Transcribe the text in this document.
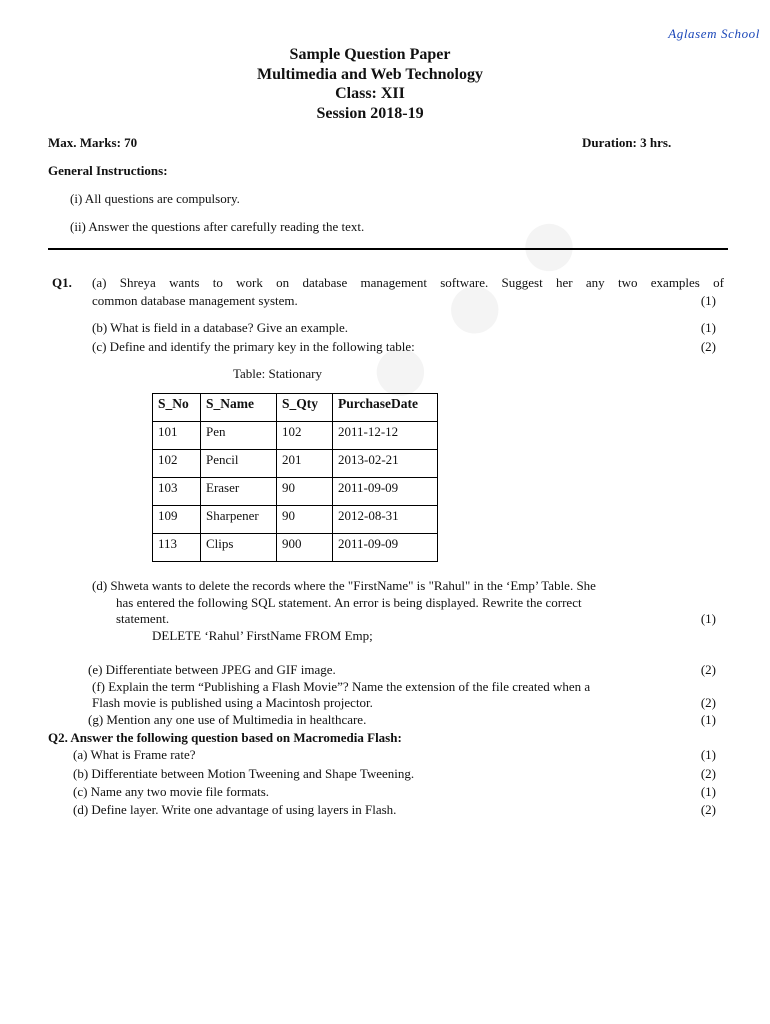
Aglasem School
Sample Question Paper
Multimedia and Web Technology
Class: XII
Session 2018-19
Max. Marks: 70	Duration: 3 hrs.
General Instructions:
(i) All questions are compulsory.
(ii) Answer the questions after carefully reading the text.
Q1. (a) Shreya wants to work on database management software. Suggest her any two examples of
common database management system.	(1)
(b) What is field in a database? Give an example.	(1)
(c) Define and identify the primary key in the following table:	(2)
Table: Stationary
S_No	S_Name	S_Qty	PurchaseDate
101	Pen	102	2011-12-12
102	Pencil	201	2013-02-21
103	Eraser	90	2011-09-09
109	Sharpener	90	2012-08-31
113	Clips	900	2011-09-09
(d) Shweta wants to delete the records where the "FirstName" is "Rahul" in the ‘Emp’ Table. She
has entered the following SQL statement. An error is being displayed. Rewrite the correct
statement.	(1)
DELETE ‘Rahul’ FirstName FROM Emp;
(e) Differentiate between JPEG and GIF image.	(2)
(f) Explain the term “Publishing a Flash Movie”? Name the extension of the file created when a
Flash movie is published using a Macintosh projector.	(2)
(g) Mention any one use of Multimedia in healthcare.	(1)
Q2. Answer the following question based on Macromedia Flash:
(a) What is Frame rate?	(1)
(b) Differentiate between Motion Tweening and Shape Tweening.	(2)
(c) Name any two movie file formats.	(1)
(d) Define layer. Write one advantage of using layers in Flash.	(2)
